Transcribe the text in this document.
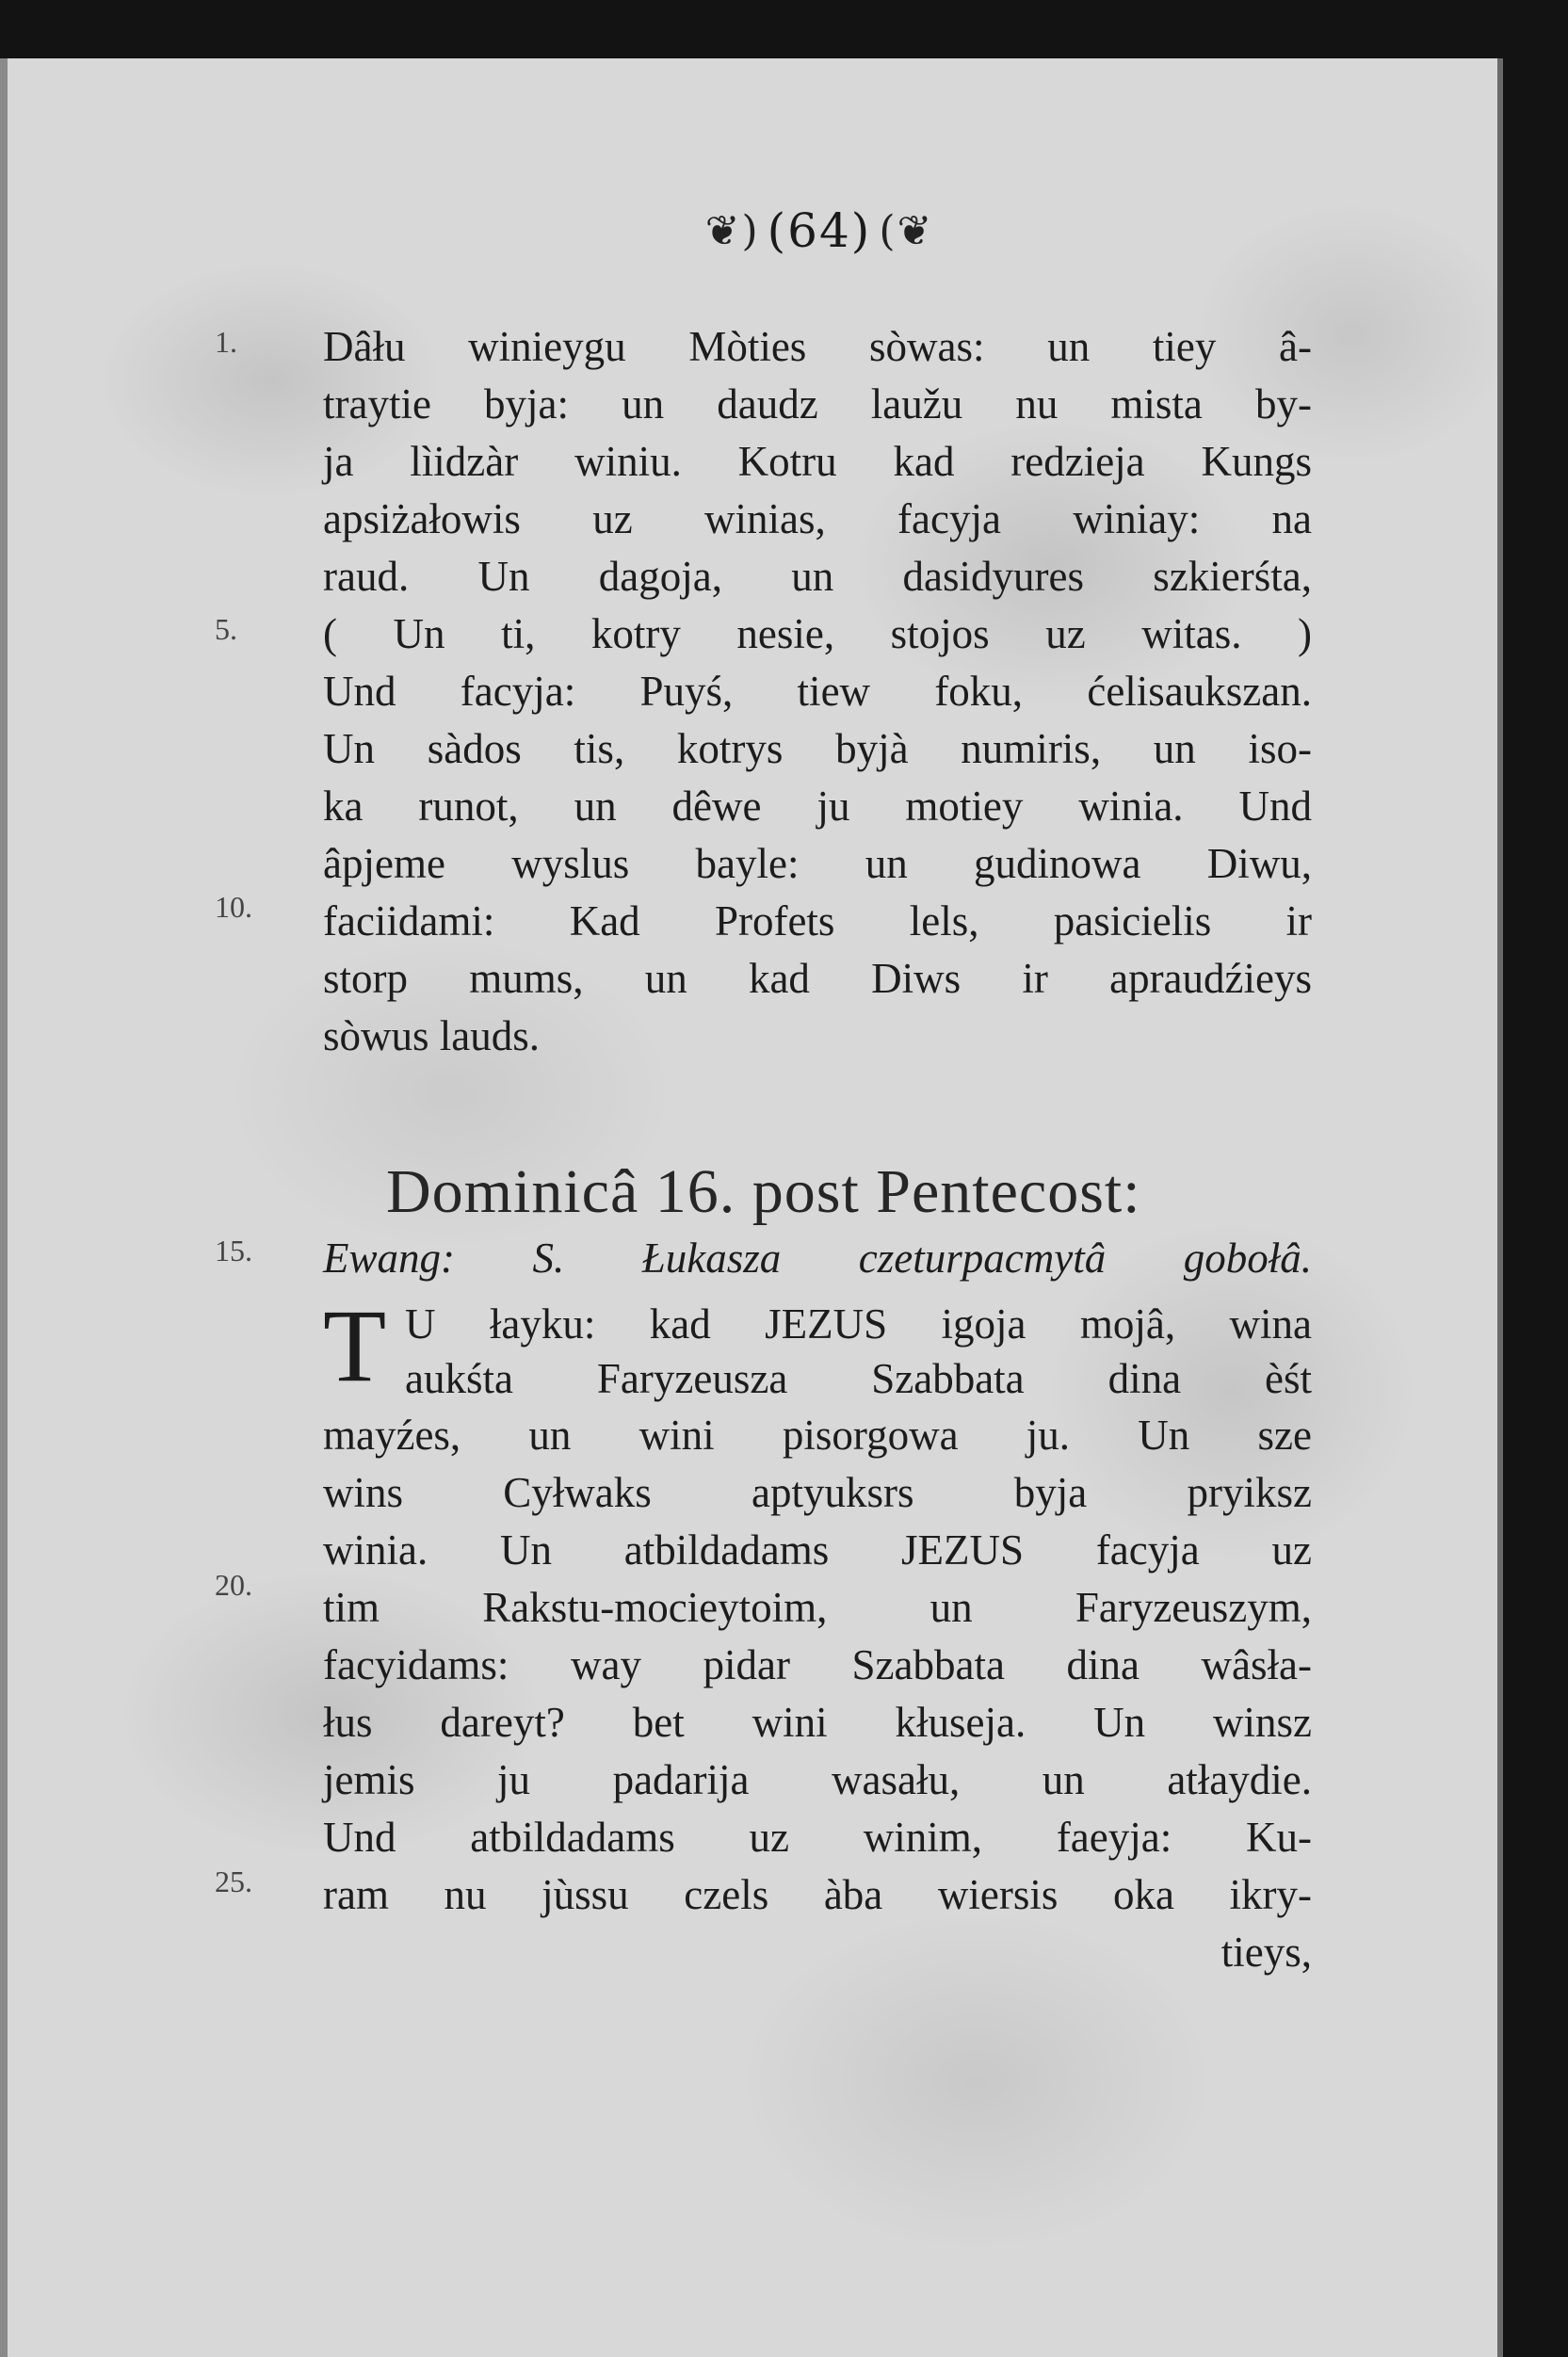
❦) (64) (❦
1.
5.
10.
15.
20.
25.
Dâłu winieygu Mòties sòwas: un tiey â-
traytie byja: un daudz laužu nu mista by-
ja lìidzàr winiu. Kotru kad redzieja Kungs
apsiżałowis uz winias, facyja winiay: na
raud. Un dagoja, un dasidyures szkierśta,
( Un ti, kotry nesie, stojos uz witas. )
Und facyja: Puyś, tiew foku, ćelisaukszan.
Un sàdos tis, kotrys byjà numiris, un iso-
ka runot, un dêwe ju motiey winia. Und
âpjeme wyslus bayle: un gudinowa Diwu,
faciidami: Kad Profets lels, pasicielis ir
storp mums, un kad Diws ir apraudźieys
sòwus lauds.
Dominicâ 16. post Pentecost:
Ewang: S. Łukasza czeturpacmytâ gobołâ.
T U łayku: kad JEZUS igoja mojâ, wina
aukśta Faryzeusza Szabbata dina èśt
mayźes, un wini pisorgowa ju. Un sze
wins Cyłwaks aptyuksrs byja pryiksz
winia. Un atbildadams JEZUS facyja uz
tim Rakstu-mocieytoim, un Faryzeuszym,
facyidams: way pidar Szabbata dina wâsła-
łus dareyt? bet wini kłuseja. Un winsz
jemis ju padarija wasału, un atłaydie.
Und atbildadams uz winim, faeyja: Ku-
ram nu jùssu czels àba wiersis oka ikry-
tieys,
